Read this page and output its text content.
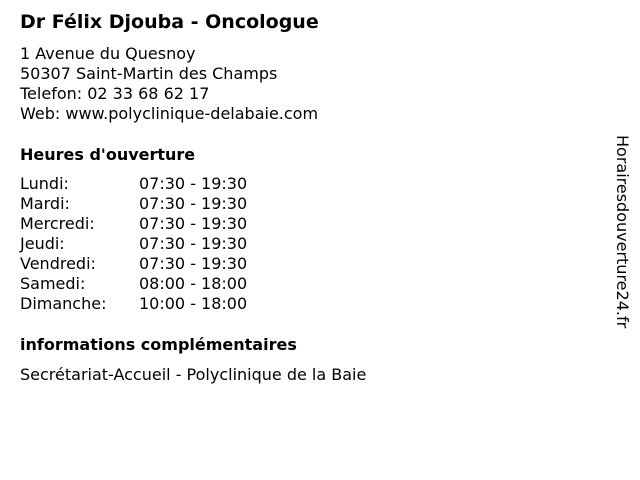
Dr Félix Djouba - Oncologue
1 Avenue du Quesnoy
50307 Saint-Martin des Champs
Telefon: 02 33 68 62 17
Web: www.polyclinique-delabaie.com
Heures d'ouverture
Lundi:	07:30 - 19:30
Mardi:	07:30 - 19:30
Mercredi:	07:30 - 19:30
Jeudi:	07:30 - 19:30
Vendredi:	07:30 - 19:30
Samedi:	08:00 - 18:00
Dimanche:	10:00 - 18:00
informations complémentaires
Secrétariat-Accueil - Polyclinique de la Baie
Horairesdouverture24.fr
